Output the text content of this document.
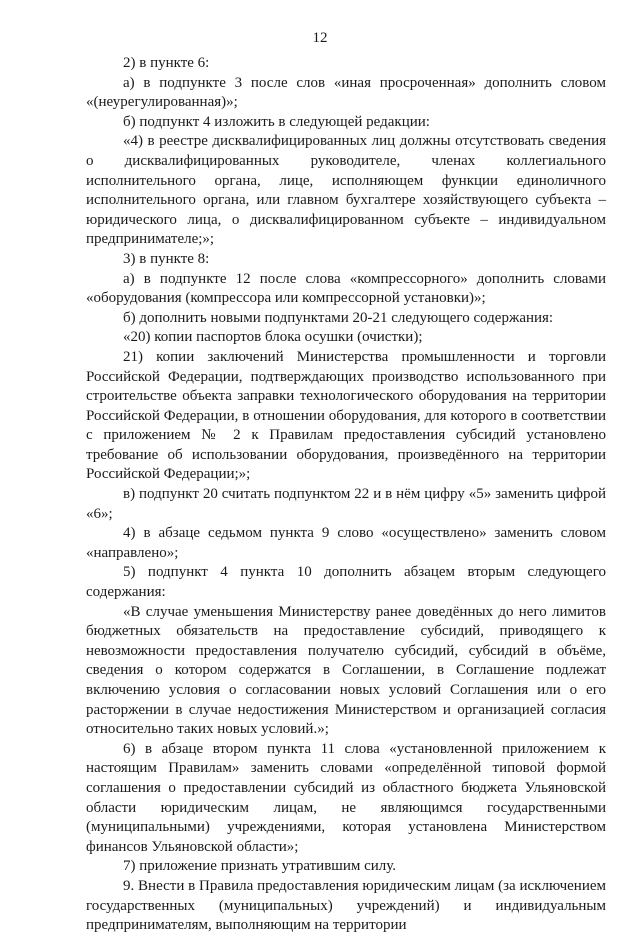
12

2) в пункте 6:

а) в подпункте 3 после слов «иная просроченная» дополнить словом «(неурегулированная)»;

б) подпункт 4 изложить в следующей редакции:

«4) в реестре дисквалифицированных лиц должны отсутствовать сведения о дисквалифицированных руководителе, членах коллегиального исполнительного органа, лице, исполняющем функции единоличного исполнительного органа, или главном бухгалтере хозяйствующего субъекта – юридического лица, о дисквалифицированном субъекте – индивидуальном предпринимателе;»;

3) в пункте 8:

а) в подпункте 12 после слова «компрессорного» дополнить словами «оборудования (компрессора или компрессорной установки)»;

б) дополнить новыми подпунктами 20-21 следующего содержания:

«20) копии паспортов блока осушки (очистки);

21) копии заключений Министерства промышленности и торговли Российской Федерации, подтверждающих производство использованного при строительстве объекта заправки технологического оборудования на территории Российской Федерации, в отношении оборудования, для которого в соответствии с приложением № 2 к Правилам предоставления субсидий установлено требование об использовании оборудования, произведённого на территории Российской Федерации;»;

в) подпункт 20 считать подпунктом 22 и в нём цифру «5» заменить цифрой «6»;

4) в абзаце седьмом пункта 9 слово «осуществлено» заменить словом «направлено»;

5) подпункт 4 пункта 10 дополнить абзацем вторым следующего содержания:

«В случае уменьшения Министерству ранее доведённых до него лимитов бюджетных обязательств на предоставление субсидий, приводящего к невозможности предоставления получателю субсидий, субсидий в объёме, сведения о котором содержатся в Соглашении, в Соглашение подлежат включению условия о согласовании новых условий Соглашения или о его расторжении в случае недостижения Министерством и организацией согласия относительно таких новых условий.»;

6) в абзаце втором пункта 11 слова «установленной приложением к настоящим Правилам» заменить словами «определённой типовой формой соглашения о предоставлении субсидий из областного бюджета Ульяновской области юридическим лицам, не являющимся государственными (муниципальными) учреждениями, которая установлена Министерством финансов Ульяновской области»;

7) приложение признать утратившим силу.

9. Внести в Правила предоставления юридическим лицам (за исключением государственных (муниципальных) учреждений) и индивидуальным предпринимателям, выполняющим на территории
